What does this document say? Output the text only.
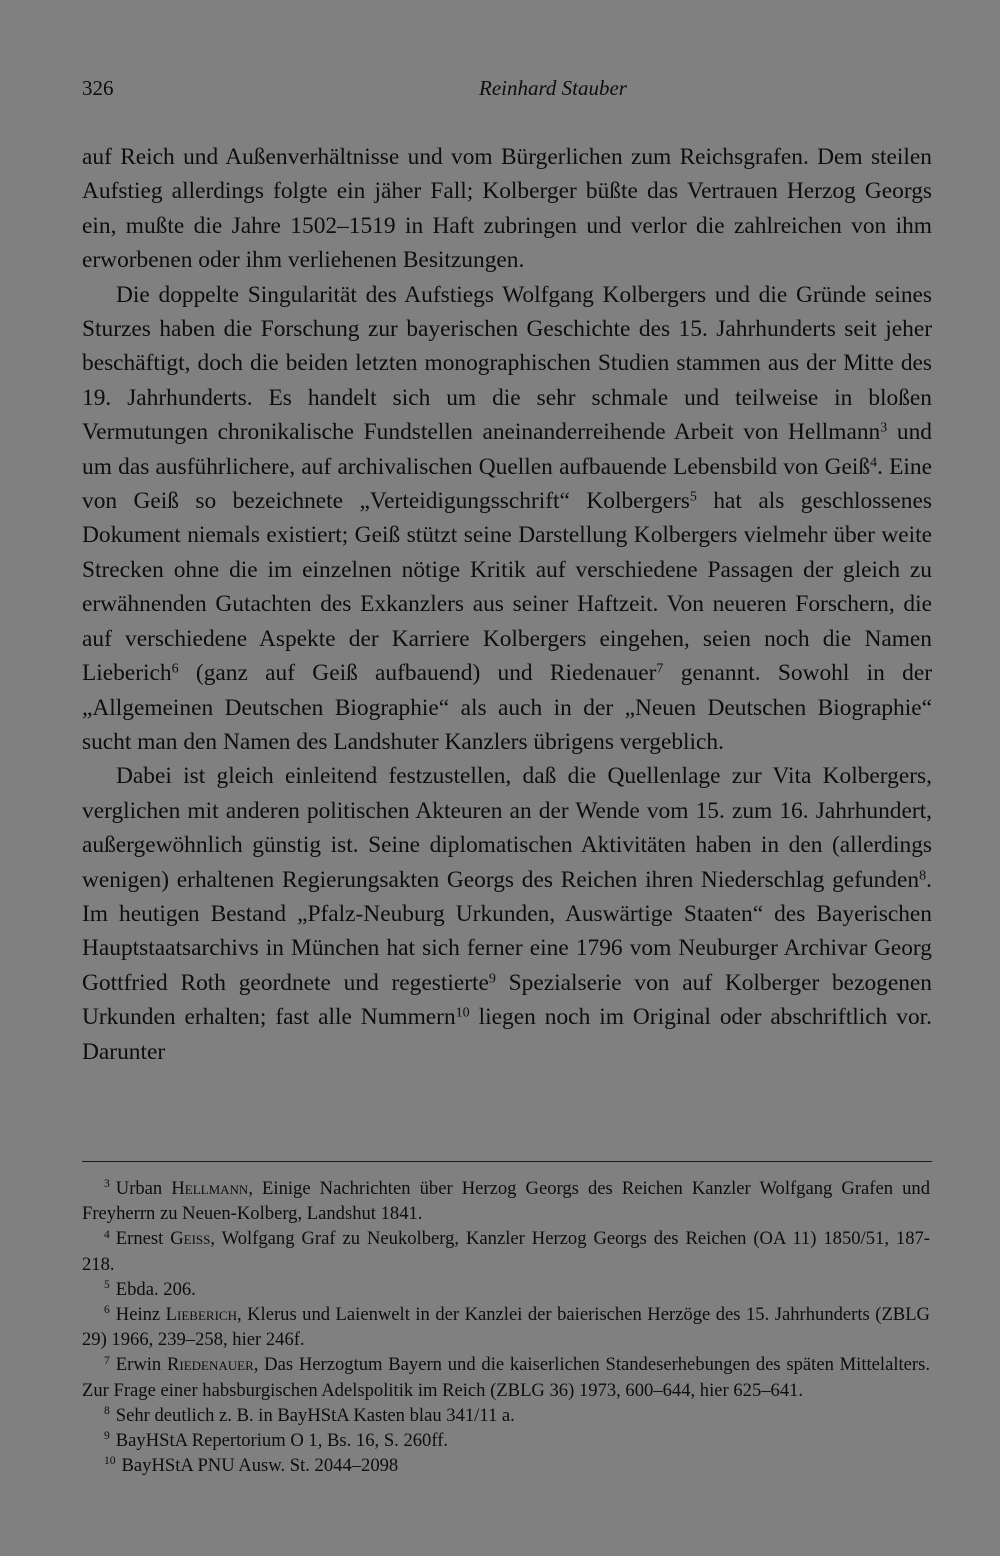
326	Reinhard Stauber

auf Reich und Außenverhältnisse und vom Bürgerlichen zum Reichsgrafen. Dem steilen Aufstieg allerdings folgte ein jäher Fall; Kolberger büßte das Vertrauen Herzog Georgs ein, mußte die Jahre 1502–1519 in Haft zubringen und verlor die zahlreichen von ihm erworbenen oder ihm verliehenen Besitzungen.

Die doppelte Singularität des Aufstiegs Wolfgang Kolbergers und die Gründe seines Sturzes haben die Forschung zur bayerischen Geschichte des 15. Jahrhunderts seit jeher beschäftigt, doch die beiden letzten monographischen Studien stammen aus der Mitte des 19. Jahrhunderts. Es handelt sich um die sehr schmale und teilweise in bloßen Vermutungen chronikalische Fundstellen aneinanderreihende Arbeit von Hellmann$^3$ und um das ausführlichere, auf archivalischen Quellen aufbauende Lebensbild von Geiß$^4$. Eine von Geiß so bezeichnete „Verteidigungsschrift“ Kolbergers$^5$ hat als geschlossenes Dokument niemals existiert; Geiß stützt seine Darstellung Kolbergers vielmehr über weite Strecken ohne die im einzelnen nötige Kritik auf verschiedene Passagen der gleich zu erwähnenden Gutachten des Exkanzlers aus seiner Haftzeit. Von neueren Forschern, die auf verschiedene Aspekte der Karriere Kolbergers eingehen, seien noch die Namen Lieberich$^6$ (ganz auf Geiß aufbauend) und Riedenauer$^7$ genannt. Sowohl in der „Allgemeinen Deutschen Biographie“ als auch in der „Neuen Deutschen Biographie“ sucht man den Namen des Landshuter Kanzlers übrigens vergeblich.

Dabei ist gleich einleitend festzustellen, daß die Quellenlage zur Vita Kolbergers, verglichen mit anderen politischen Akteuren an der Wende vom 15. zum 16. Jahrhundert, außergewöhnlich günstig ist. Seine diplomatischen Aktivitäten haben in den (allerdings wenigen) erhaltenen Regierungsakten Georgs des Reichen ihren Niederschlag gefunden$^8$. Im heutigen Bestand „Pfalz-Neuburg Urkunden, Auswärtige Staaten“ des Bayerischen Hauptstaatsarchivs in München hat sich ferner eine 1796 vom Neuburger Archivar Georg Gottfried Roth geordnete und regestierte$^9$ Spezialserie von auf Kolberger bezogenen Urkunden erhalten; fast alle Nummern$^{10}$ liegen noch im Original oder abschriftlich vor. Darunter

$^3$ Urban Hellmann, Einige Nachrichten über Herzog Georgs des Reichen Kanzler Wolfgang Grafen und Freyherrn zu Neuen-Kolberg, Landshut 1841.

$^4$ Ernest Geiss, Wolfgang Graf zu Neukolberg, Kanzler Herzog Georgs des Reichen (OA 11) 1850/51, 187-218.

$^5$ Ebda. 206.

$^6$ Heinz Lieberich, Klerus und Laienwelt in der Kanzlei der baierischen Herzöge des 15. Jahrhunderts (ZBLG 29) 1966, 239–258, hier 246f.

$^7$ Erwin Riedenauer, Das Herzogtum Bayern und die kaiserlichen Standeserhebungen des späten Mittelalters. Zur Frage einer habsburgischen Adelspolitik im Reich (ZBLG 36) 1973, 600–644, hier 625–641.

$^8$ Sehr deutlich z. B. in BayHStA Kasten blau 341/11 a.

$^9$ BayHStA Repertorium O 1, Bs. 16, S. 260ff.

$^{10}$ BayHStA PNU Ausw. St. 2044–2098
